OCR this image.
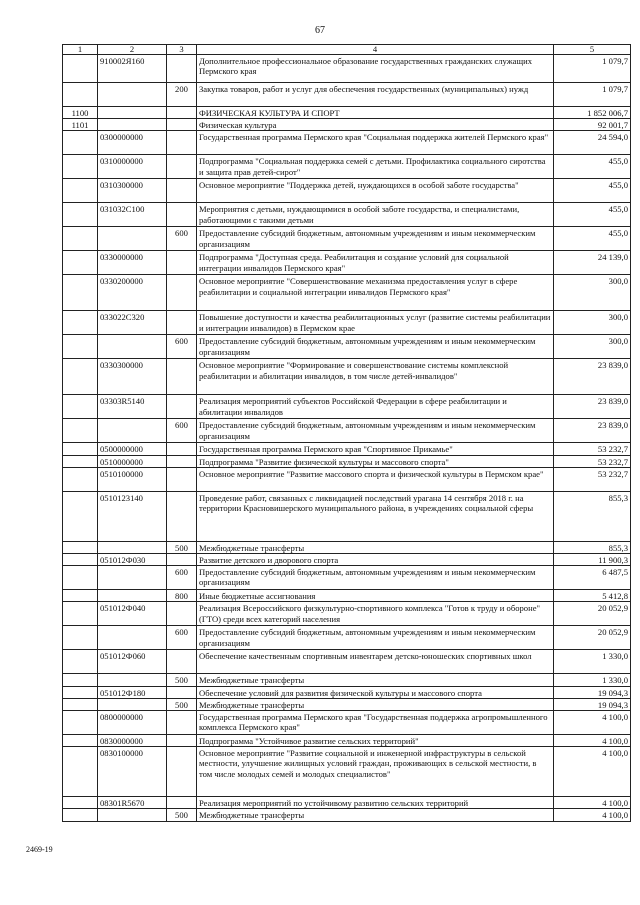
67
1	2	3	4	5
	910002Я160		Дополнительное профессиональное образование государственных гражданских служащих Пермского края	1 079,7
		200	Закупка товаров, работ и услуг для обеспечения государственных (муниципальных) нужд	1 079,7
1100			ФИЗИЧЕСКАЯ КУЛЬТУРА И СПОРТ	1 852 006,7
1101			Физическая культура	92 001,7
	0300000000		Государственная программа Пермского края "Социальная поддержка жителей Пермского края"	24 594,0
	0310000000		Подпрограмма "Социальная поддержка семей с детьми. Профилактика социального сиротства и защита прав детей-сирот"	455,0
	0310300000		Основное мероприятие "Поддержка детей, нуждающихся в особой заботе государства"	455,0
	031032С100		Мероприятия с детьми, нуждающимися в особой заботе государства, и специалистами, работающими с такими детьми	455,0
		600	Предоставление субсидий бюджетным, автономным учреждениям и иным некоммерческим организациям	455,0
	0330000000		Подпрограмма "Доступная среда. Реабилитация и создание условий для социальной интеграции инвалидов Пермского края"	24 139,0
	0330200000		Основное мероприятие "Совершенствование механизма предоставления услуг в сфере реабилитации и социальной интеграции инвалидов Пермского края"	300,0
	033022С320		Повышение доступности и качества реабилитационных услуг (развитие системы реабилитации и интеграции инвалидов) в Пермском крае	300,0
		600	Предоставление субсидий бюджетным, автономным учреждениям и иным некоммерческим организациям	300,0
	0330300000		Основное мероприятие "Формирование и совершенствование системы комплексной реабилитации и абилитации инвалидов, в том числе детей-инвалидов"	23 839,0
	03303R5140		Реализация мероприятий субъектов Российской Федерации в сфере реабилитации и абилитации инвалидов	23 839,0
		600	Предоставление субсидий бюджетным, автономным учреждениям и иным некоммерческим организациям	23 839,0
	0500000000		Государственная программа Пермского края "Спортивное Прикамье"	53 232,7
	0510000000		Подпрограмма "Развитие физической культуры и массового спорта"	53 232,7
	0510100000		Основное мероприятие "Развитие массового спорта и физической культуры в Пермском крае"	53 232,7
	0510123140		Проведение работ, связанных с ликвидацией последствий урагана 14 сентября 2018 г. на территории Красновишерского муниципального района, в учреждениях социальной сферы	855,3
		500	Межбюджетные трансферты	855,3
	051012Ф030		Развитие детского и дворового спорта	11 900,3
		600	Предоставление субсидий бюджетным, автономным учреждениям и иным некоммерческим организациям	6 487,5
		800	Иные бюджетные ассигнования	5 412,8
	051012Ф040		Реализация Всероссийского физкультурно-спортивного комплекса "Готов к труду и обороне" (ГТО) среди всех категорий населения	20 052,9
		600	Предоставление субсидий бюджетным, автономным учреждениям и иным некоммерческим организациям	20 052,9
	051012Ф060		Обеспечение качественным спортивным инвентарем детско-юношеских спортивных школ	1 330,0
		500	Межбюджетные трансферты	1 330,0
	051012Ф180		Обеспечение условий для развития физической культуры и массового спорта	19 094,3
		500	Межбюджетные трансферты	19 094,3
	0800000000		Государственная программа Пермского края "Государственная поддержка агропромышленного комплекса Пермского края"	4 100,0
	0830000000		Подпрограмма "Устойчивое развитие сельских территорий"	4 100,0
	0830100000		Основное мероприятие "Развитие социальной и инженерной инфраструктуры в сельской местности, улучшение жилищных условий граждан, проживающих в сельской местности, в том числе молодых семей и молодых специалистов"	4 100,0
	08301R5670		Реализация мероприятий по устойчивому развитию сельских территорий	4 100,0
		500	Межбюджетные трансферты	4 100,0
2469-19
